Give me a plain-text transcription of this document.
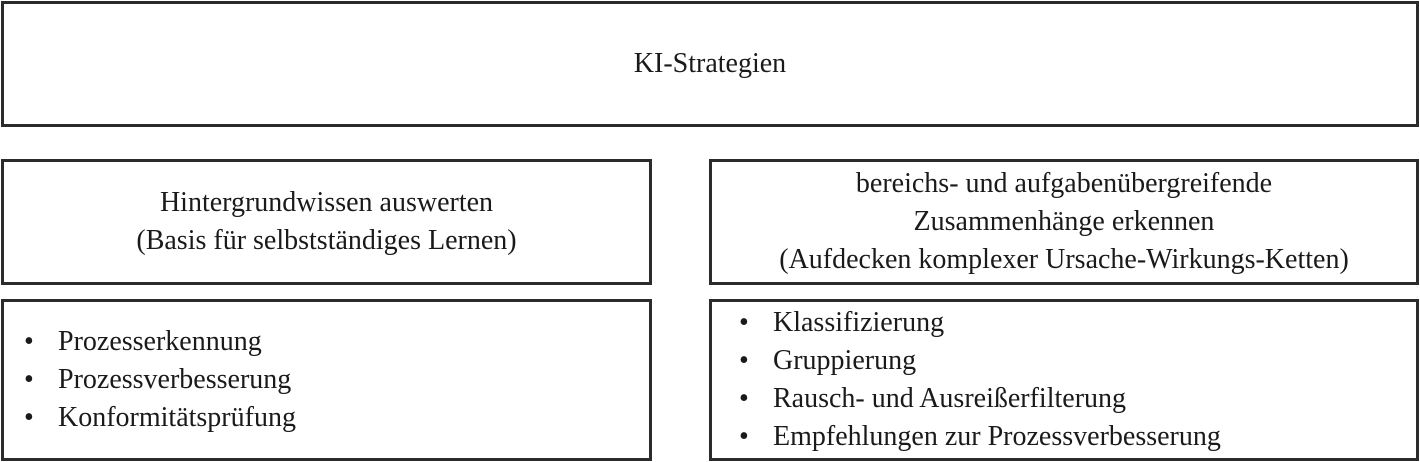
KI-Strategien
Hintergrundwissen auswerten
(Basis für selbstständiges Lernen)
bereichs- und aufgabenübergreifende
Zusammenhänge erkennen
(Aufdecken komplexer Ursache-Wirkungs-Ketten)
• Prozesserkennung
• Prozessverbesserung
• Konformitätsprüfung
• Klassifizierung
• Gruppierung
• Rausch- und Ausreißerfilterung
• Empfehlungen zur Prozessverbesserung
